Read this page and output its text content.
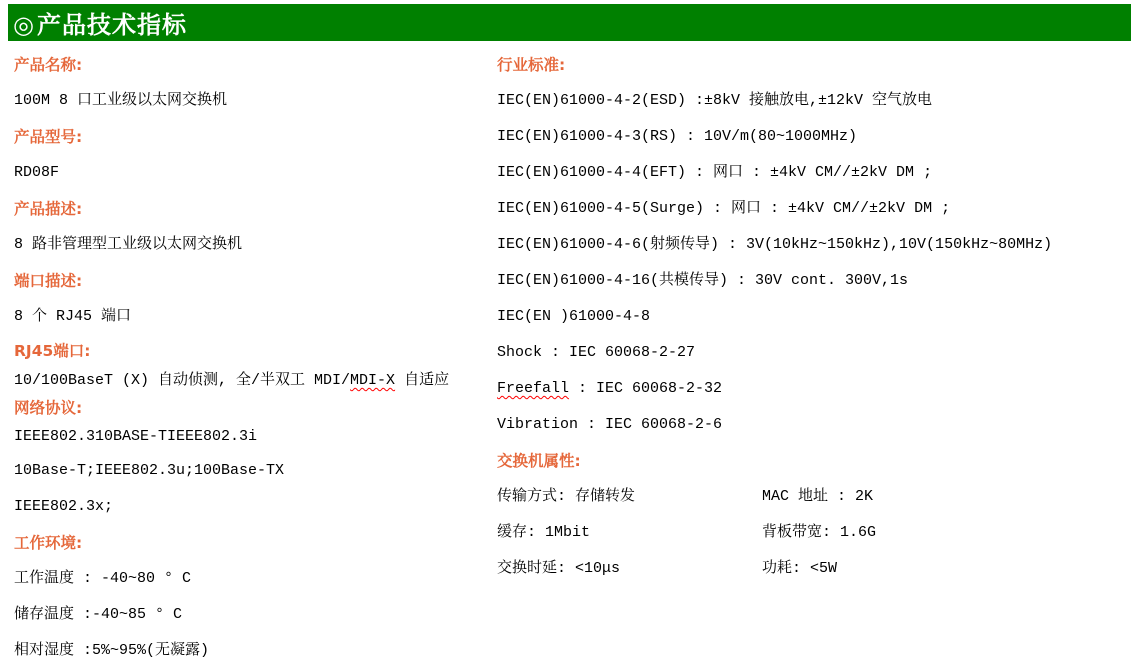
◎产品技术指标
产品名称:
100M 8 口工业级以太网交换机
产品型号:
RD08F
产品描述:
8 路非管理型工业级以太网交换机
端口描述:
8 个 RJ45 端口
RJ45端口:
10/100BaseT (X) 自动侦测, 全/半双工 MDI/MDI-X 自适应
网络协议:
IEEE802.310BASE-TIEEE802.3i
10Base-T;IEEE802.3u;100Base-TX
IEEE802.3x;
工作环境:
工作温度 : -40~80 ° C
储存温度 :-40~85 ° C
相对湿度 :5%~95%(无凝露)
行业标准:
IEC(EN)61000-4-2(ESD) :±8kV 接触放电,±12kV 空气放电
IEC(EN)61000-4-3(RS) : 10V/m(80~1000MHz)
IEC(EN)61000-4-4(EFT) : 网口 : ±4kV CM//±2kV DM ;
IEC(EN)61000-4-5(Surge) : 网口 : ±4kV CM//±2kV DM ;
IEC(EN)61000-4-6(射频传导) : 3V(10kHz~150kHz),10V(150kHz~80MHz)
IEC(EN)61000-4-16(共模传导) : 30V cont. 300V,1s
IEC(EN )61000-4-8
Shock : IEC 60068-2-27
Freefall : IEC 60068-2-32
Vibration : IEC 60068-2-6
交换机属性:
传输方式: 存储转发	MAC 地址 : 2K
缓存: 1Mbit	背板带宽: 1.6G
交换时延: <10μs	功耗: <5W
